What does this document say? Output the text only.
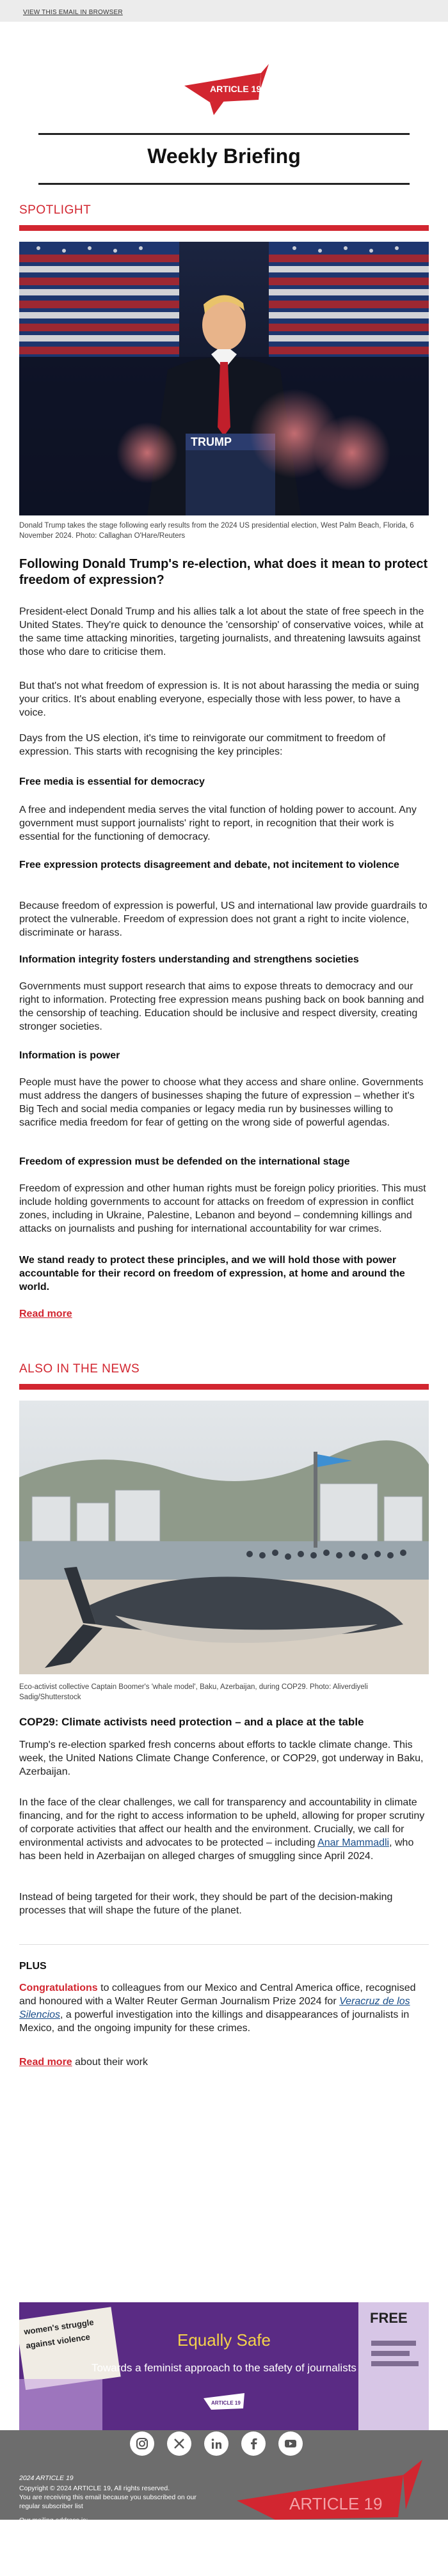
VIEW THIS EMAIL IN BROWSER
ARTICLE 19
Weekly Briefing
SPOTLIGHT
TRUMP
Donald Trump takes the stage following early results from the 2024 US presidential election, West Palm Beach, Florida, 6 November 2024. Photo: Callaghan O'Hare/Reuters
Following Donald Trump's re-election, what does it mean to protect freedom of expression?
President-elect Donald Trump and his allies talk a lot about the state of free speech in the United States. They're quick to denounce the 'censorship' of conservative voices, while at the same time attacking minorities, targeting journalists, and threatening lawsuits against those who dare to criticise them.
But that's not what freedom of expression is. It is not about harassing the media or suing your critics. It's about enabling everyone, especially those with less power, to have a voice.
Days from the US election, it's time to reinvigorate our commitment to freedom of expression. This starts with recognising the key principles:
Free media is essential for democracy
A free and independent media serves the vital function of holding power to account. Any government must support journalists' right to report, in recognition that their work is essential for the functioning of democracy.
Free expression protects disagreement and debate, not incitement to violence
Because freedom of expression is powerful, US and international law provide guardrails to protect the vulnerable. Freedom of expression does not grant a right to incite violence, discriminate or harass.
Information integrity fosters understanding and strengthens societies
Governments must support research that aims to expose threats to democracy and our right to information. Protecting free expression means pushing back on book banning and the censorship of teaching. Education should be inclusive and respect diversity, creating stronger societies.
Information is power
People must have the power to choose what they access and share online. Governments must address the dangers of businesses shaping the future of expression – whether it's Big Tech and social media companies or legacy media run by businesses willing to sacrifice media freedom for fear of getting on the wrong side of powerful agendas.
Freedom of expression must be defended on the international stage
Freedom of expression and other human rights must be foreign policy priorities. This must include holding governments to account for attacks on freedom of expression in conflict zones, including in Ukraine, Palestine, Lebanon and beyond – condemning killings and attacks on journalists and pushing for international accountability for war crimes.
We stand ready to protect these principles, and we will hold those with power accountable for their record on freedom of expression, at home and around the world.
Read more
ALSO IN THE NEWS
Eco-activist collective Captain Boomer's 'whale model', Baku, Azerbaijan, during COP29. Photo: Aliverdiyeli Sadig/Shutterstock
COP29: Climate activists need protection – and a place at the table
Trump's re-election sparked fresh concerns about efforts to tackle climate change. This week, the United Nations Climate Change Conference, or COP29, got underway in Baku, Azerbaijan.
In the face of the clear challenges, we call for transparency and accountability in climate financing, and for the right to access information to be upheld, allowing for proper scrutiny of corporate activities that affect our health and the environment. Crucially, we call for environmental activists and advocates to be protected – including Anar Mammadli, who has been held in Azerbaijan on alleged charges of smuggling since April 2024.
Instead of being targeted for their work, they should be part of the decision-making processes that will shape the future of the planet.
PLUS
Congratulations to colleagues from our Mexico and Central America office, recognised and honoured with a Walter Reuter German Journalism Prize 2024 for Veracruz de los Silencios, a powerful investigation into the killings and disappearances of journalists in Mexico, and the ongoing impunity for these crimes.
Read more about their work
women's struggle
against violence
FREE
Equally Safe
Towards a feminist approach to the safety of journalists
ARTICLE 19
2024 ARTICLE 19
Copyright © 2024 ARTICLE 19, All rights reserved.
You are receiving this email because you subscribed on our regular subscriber list
Our mailing address is:
ARTICLE 19 International Office: 72-82 Rosebery
Avenue 72-82 Rosebery Avenue London, London EC1R
4RW United Kingdom
Want to change how you receive these emails?
You can update your preferences or unsubscribe
ARTICLE 19
